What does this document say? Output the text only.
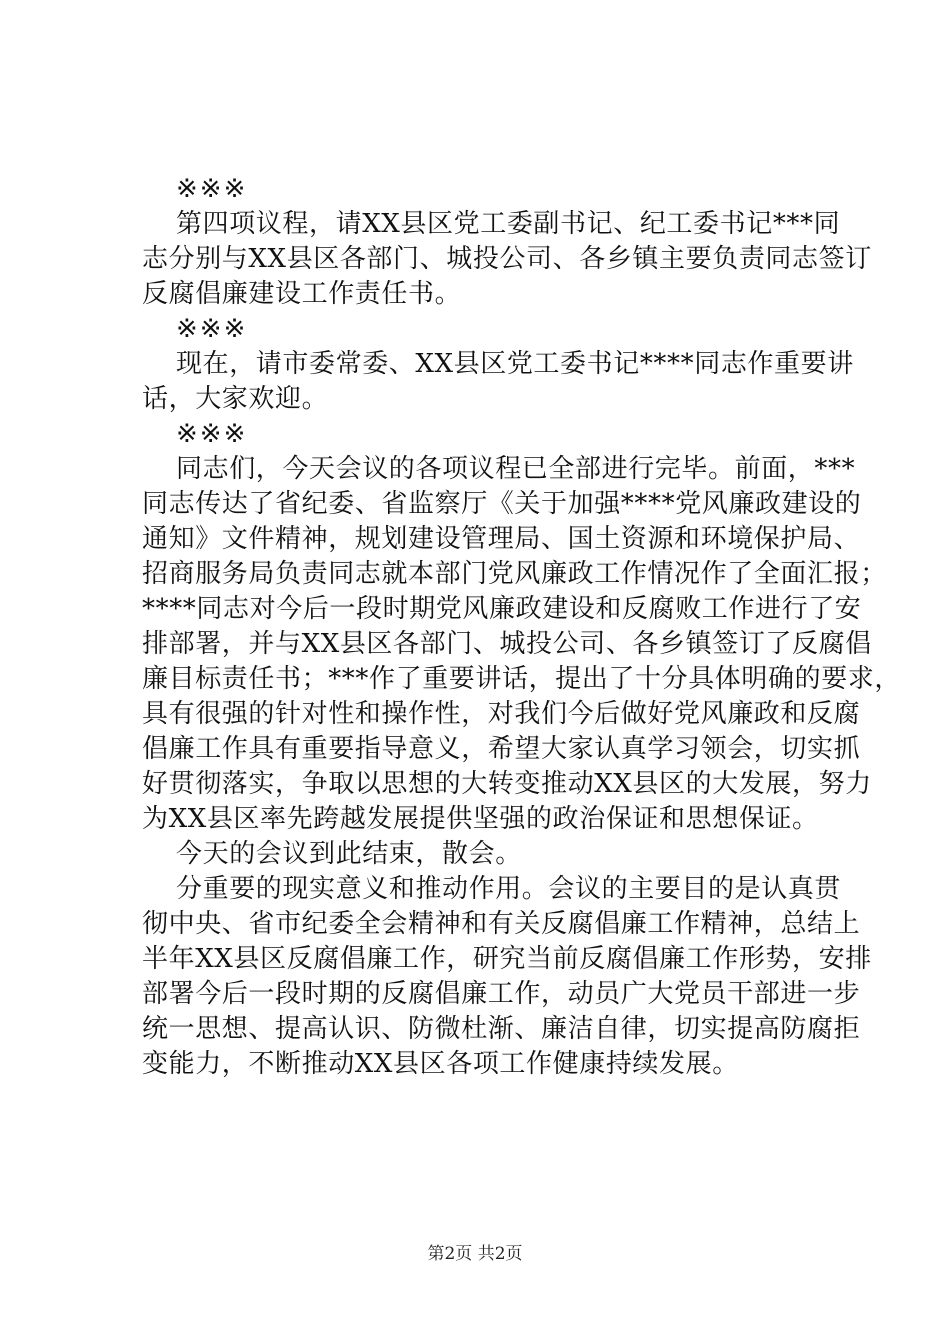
※※※
第四项议程，请XX县区党工委副书记、纪工委书记***同
志分别与XX县区各部门、城投公司、各乡镇主要负责同志签订
反腐倡廉建设工作责任书。
※※※
现在，请市委常委、XX县区党工委书记****同志作重要讲
话，大家欢迎。
※※※
同志们，今天会议的各项议程已全部进行完毕。前面，***
同志传达了省纪委、省监察厅《关于加强****党风廉政建设的
通知》文件精神，规划建设管理局、国土资源和环境保护局、
招商服务局负责同志就本部门党风廉政工作情况作了全面汇报；
****同志对今后一段时期党风廉政建设和反腐败工作进行了安
排部署，并与XX县区各部门、城投公司、各乡镇签订了反腐倡
廉目标责任书；***作了重要讲话，提出了十分具体明确的要求，
具有很强的针对性和操作性，对我们今后做好党风廉政和反腐
倡廉工作具有重要指导意义，希望大家认真学习领会，切实抓
好贯彻落实，争取以思想的大转变推动XX县区的大发展，努力
为XX县区率先跨越发展提供坚强的政治保证和思想保证。
今天的会议到此结束，散会。
分重要的现实意义和推动作用。会议的主要目的是认真贯
彻中央、省市纪委全会精神和有关反腐倡廉工作精神，总结上
半年XX县区反腐倡廉工作，研究当前反腐倡廉工作形势，安排
部署今后一段时期的反腐倡廉工作，动员广大党员干部进一步
统一思想、提高认识、防微杜渐、廉洁自律，切实提高防腐拒
变能力，不断推动XX县区各项工作健康持续发展。
第2页 共2页
